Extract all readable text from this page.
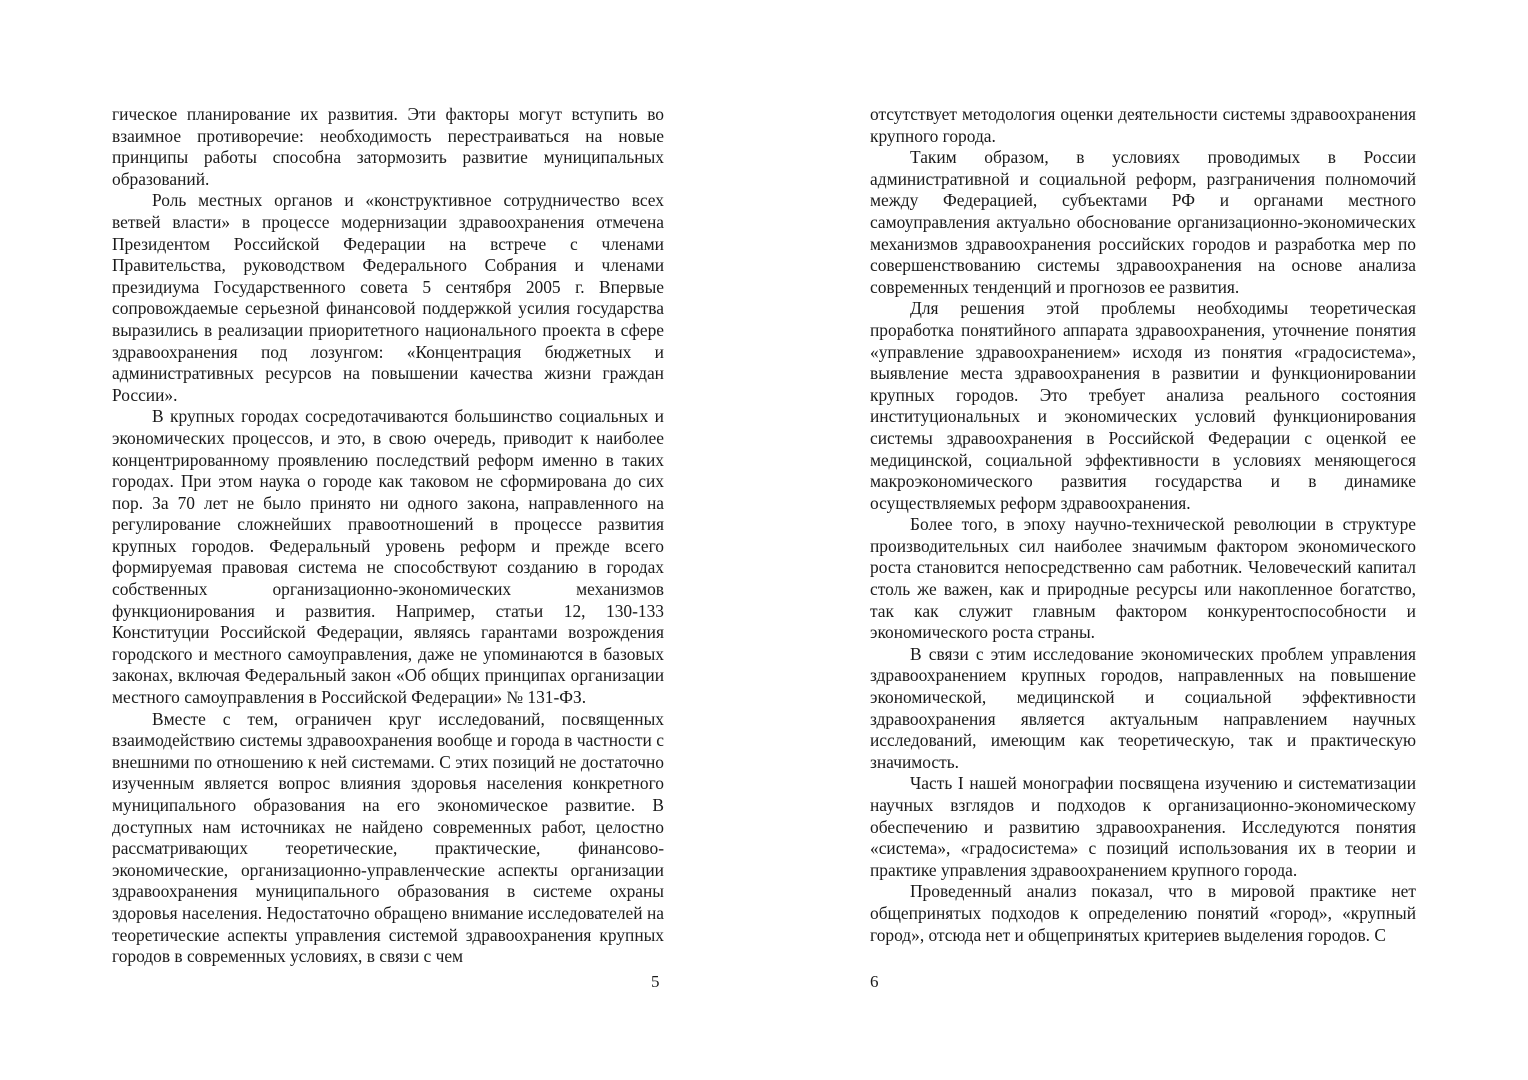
гическое планирование их развития. Эти факторы могут вступить во взаимное противоречие: необходимость перестраиваться на новые принципы работы способна затормозить развитие муниципальных образований.

Роль местных органов и «конструктивное сотрудничество всех ветвей власти» в процессе модернизации здравоохранения отмечена Президентом Российской Федерации на встрече с членами Правительства, руководством Федерального Собрания и членами президиума Государственного совета 5 сентября 2005 г. Впервые сопровождаемые серьезной финансовой поддержкой усилия государства выразились в реализации приоритетного национального проекта в сфере здравоохранения под лозунгом: «Концентрация бюджетных и административных ресурсов на повышении качества жизни граждан России».

В крупных городах сосредотачиваются большинство социальных и экономических процессов, и это, в свою очередь, приводит к наиболее концентрированному проявлению последствий реформ именно в таких городах. При этом наука о городе как таковом не сформирована до сих пор. За 70 лет не было принято ни одного закона, направленного на регулирование сложнейших правоотношений в процессе развития крупных городов. Федеральный уровень реформ и прежде всего формируемая правовая система не способствуют созданию в городах собственных организационно-экономических механизмов функционирования и развития. Например, статьи 12, 130-133 Конституции Российской Федерации, являясь гарантами возрождения городского и местного самоуправления, даже не упоминаются в базовых законах, включая Федеральный закон «Об общих принципах организации местного самоуправления в Российской Федерации» № 131-ФЗ.

Вместе с тем, ограничен круг исследований, посвященных взаимодействию системы здравоохранения вообще и города в частности с внешними по отношению к ней системами. С этих позиций не достаточно изученным является вопрос влияния здоровья населения конкретного муниципального образования на его экономическое развитие. В доступных нам источниках не найдено современных работ, целостно рассматривающих теоретические, практические, финансово-экономические, организационно-управленческие аспекты организации здравоохранения муниципального образования в системе охраны здоровья населения. Недостаточно обращено внимание исследователей на теоретические аспекты управления системой здравоохранения крупных городов в современных условиях, в связи с чем

5

отсутствует методология оценки деятельности системы здравоохранения крупного города.

Таким образом, в условиях проводимых в России административной и социальной реформ, разграничения полномочий между Федерацией, субъектами РФ и органами местного самоуправления актуально обоснование организационно-экономических механизмов здравоохранения российских городов и разработка мер по совершенствованию системы здравоохранения на основе анализа современных тенденций и прогнозов ее развития.

Для решения этой проблемы необходимы теоретическая проработка понятийного аппарата здравоохранения, уточнение понятия «управление здравоохранением» исходя из понятия «градосистема», выявление места здравоохранения в развитии и функционировании крупных городов. Это требует анализа реального состояния институциональных и экономических условий функционирования системы здравоохранения в Российской Федерации с оценкой ее медицинской, социальной эффективности в условиях меняющегося макроэкономического развития государства и в динамике осуществляемых реформ здравоохранения.

Более того, в эпоху научно-технической революции в структуре производительных сил наиболее значимым фактором экономического роста становится непосредственно сам работник. Человеческий капитал столь же важен, как и природные ресурсы или накопленное богатство, так как служит главным фактором конкурентоспособности и экономического роста страны.

В связи с этим исследование экономических проблем управления здравоохранением крупных городов, направленных на повышение экономической, медицинской и социальной эффективности здравоохранения является актуальным направлением научных исследований, имеющим как теоретическую, так и практическую значимость.

Часть I нашей монографии посвящена изучению и систематизации научных взглядов и подходов к организационно-экономическому обеспечению и развитию здравоохранения. Исследуются понятия «система», «градосистема» с позиций использования их в теории и практике управления здравоохранением крупного города.

Проведенный анализ показал, что в мировой практике нет общепринятых подходов к определению понятий «город», «крупный город», отсюда нет и общепринятых критериев выделения городов. С

6
